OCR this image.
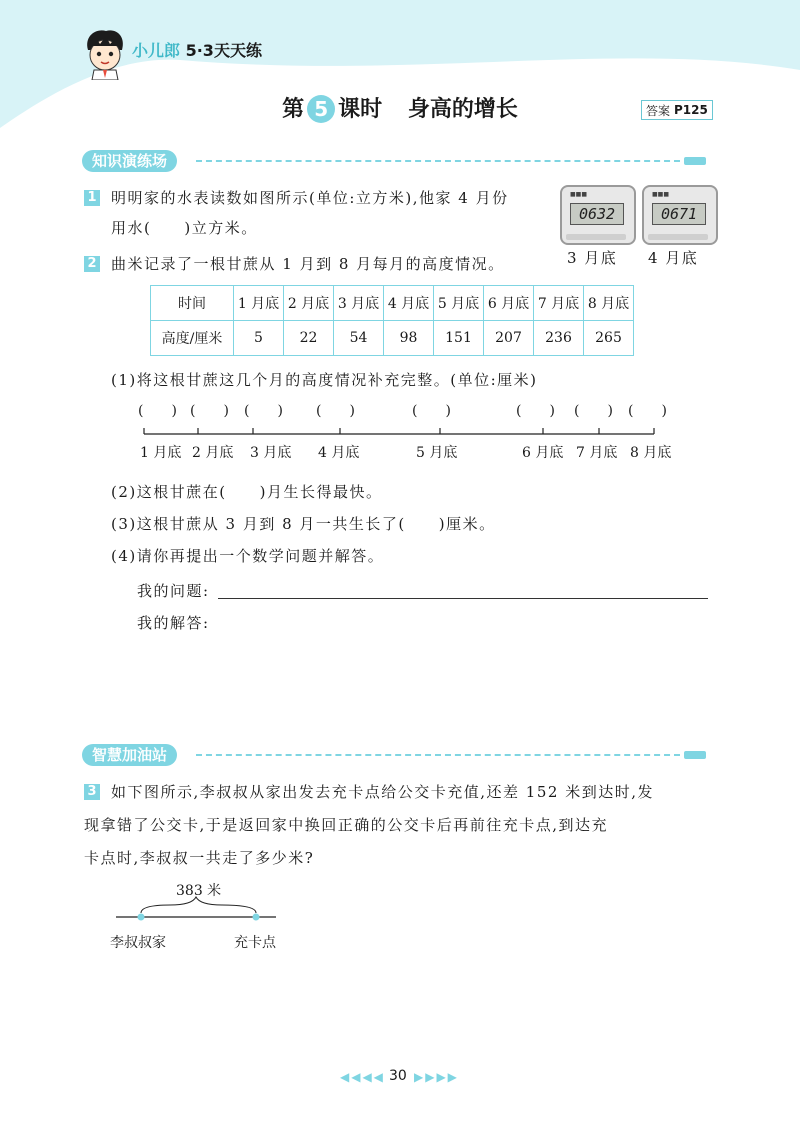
小儿郎 5·3天天练
第 5 课时 身高的增长	答案 P125
知识演练场
1 明明家的水表读数如图所示(单位:立方米),他家 4 月份
用水(　　)立方米。
■■■
0632
■■■
0671
3 月底 4 月底
2 曲米记录了一根甘蔗从 1 月到 8 月每月的高度情况。
时间	1 月底	2 月底	3 月底	4 月底	5 月底	6 月底	7 月底	8 月底
高度/厘米	5	22	54	98	151	207	236	265
(1)将这根甘蔗这几个月的高度情况补充完整。(单位:厘米)
(　　) (　　) (　　) (　　)	(　　)	(　　) (　　) (　　)
1 月底 2 月底 3 月底 4 月底	5 月底	6 月底 7 月底 8 月底
(2)这根甘蔗在(　　)月生长得最快。
(3)这根甘蔗从 3 月到 8 月一共生长了(　　)厘米。
(4)请你再提出一个数学问题并解答。
我的问题:
我的解答:
智慧加油站
3 如下图所示,李叔叔从家出发去充卡点给公交卡充值,还差 152 米到达时,发
现拿错了公交卡,于是返回家中换回正确的公交卡后再前往充卡点,到达充
卡点时,李叔叔一共走了多少米?
383 米
李叔叔家	充卡点
◀◀◀◀ 30 ▶▶▶▶
